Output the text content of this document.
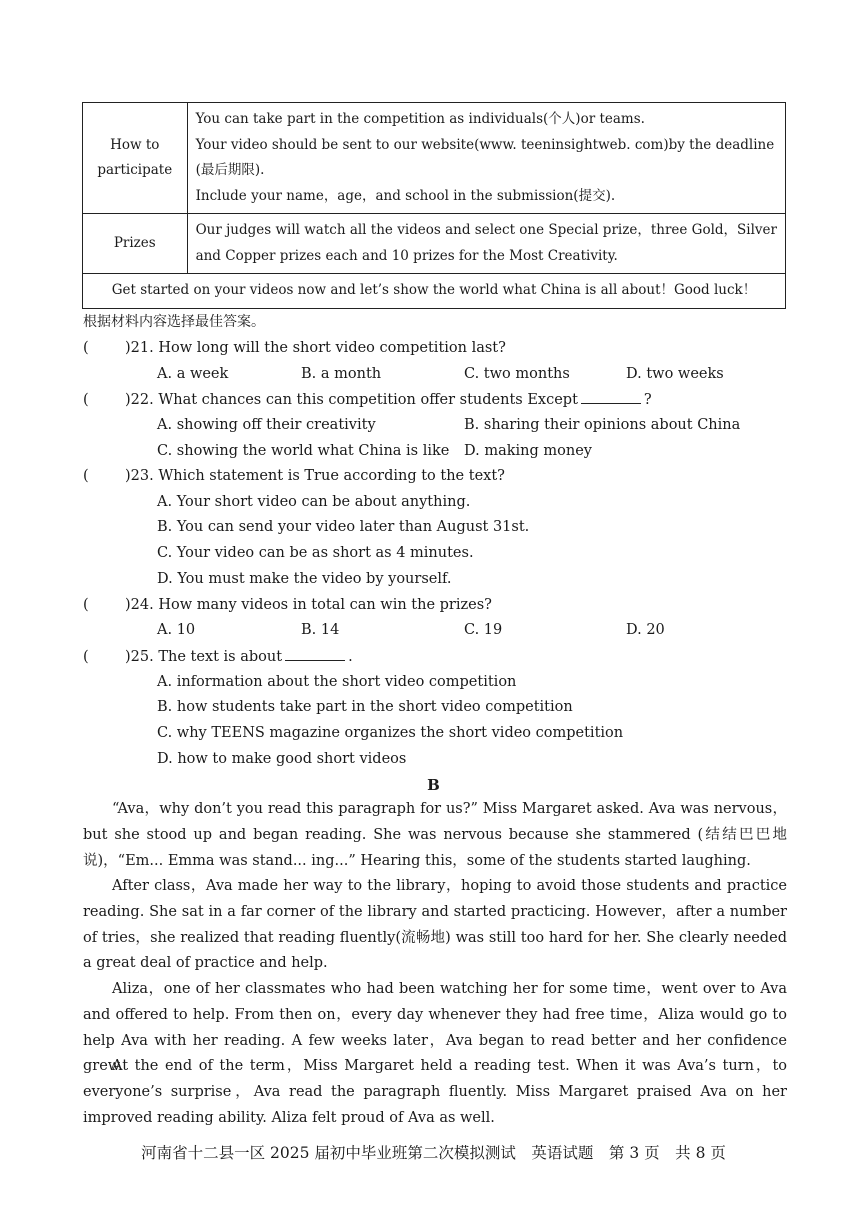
How to participate	You can take part in the competition as individuals(个人)or teams.
Your video should be sent to our website(www. teeninsightweb. com)by the deadline
(最后期限).
Include your name，age，and school in the submission(提交).

Prizes	Our judges will watch all the videos and select one Special prize，three Gold，Silver
and Copper prizes each and 10 prizes for the Most Creativity.

Get started on your videos now and let’s show the world what China is all about！Good luck！	
根据材料内容选择最佳答案。
(	)21. How long will the short video competition last?
A. a week	B. a month	C. two months	D. two weeks
(	)22. What chances can this competition offer students Except	?
A. showing off their creativity	B. sharing their opinions about China
C. showing the world what China is like D. making money
(	)23. Which statement is True according to the text?
A. Your short video can be about anything.
B. You can send your video later than August 31st.
C. Your video can be as short as 4 minutes.
D. You must make the video by yourself.
(	)24. How many videos in total can win the prizes?
A. 10	B. 14	C. 19	D. 20
(	)25. The text is about	.
A. information about the short video competition
B. how students take part in the short video competition
C. why TEENS magazine organizes the short video competition
D. how to make good short videos
B
“Ava，why don’t you read this paragraph for us?” Miss Margaret asked. Ava was nervous，but she stood up and began reading. She was nervous because she stammered (结结巴巴地说)，“Em... Emma was stand... ing...” Hearing this，some of the students started laughing.
After class，Ava made her way to the library，hoping to avoid those students and practice reading. She sat in a far corner of the library and started practicing. However，after a number of tries，she realized that reading fluently(流畅地) was still too hard for her. She clearly needed a great deal of practice and help.
Aliza，one of her classmates who had been watching her for some time，went over to Ava and offered to help. From then on，every day whenever they had free time，Aliza would go to help Ava with her reading. A few weeks later，Ava began to read better and her confidence grew.
At the end of the term，Miss Margaret held a reading test. When it was Ava’s turn，to everyone’s surprise，Ava read the paragraph fluently. Miss Margaret praised Ava on her improved reading ability. Aliza felt proud of Ava as well.
河南省十二县一区 2025 届初中毕业班第二次模拟测试　英语试题　第 3 页　共 8 页
